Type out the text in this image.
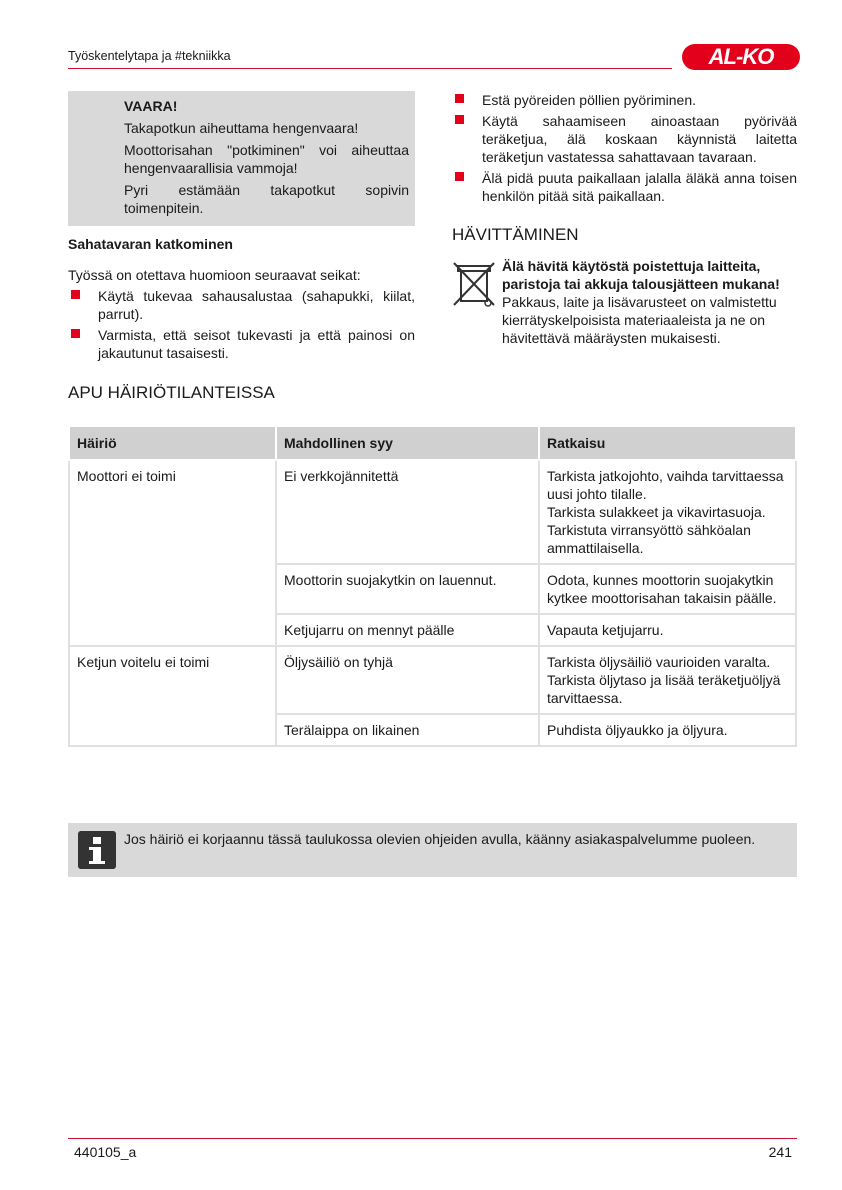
Työskentelytapa ja #tekniikka	AL-KO
VAARA!

Takapotkun aiheuttama hengenvaara!

Moottorisahan "potkiminen" voi aiheuttaa hengenvaarallisia vammoja!

Pyri estämään takapotkut sopivin toimenpitein.

Sahatavaran katkominen
Työssä on otettava huomioon seuraavat seikat:
Käytä tukevaa sahausalustaa (sahapukki, kiilat, parrut).
Varmista, että seisot tukevasti ja että painosi on jakautunut tasaisesti.
Estä pyöreiden pöllien pyöriminen.
Käytä sahaamiseen ainoastaan pyörivää teräketjua, älä koskaan käynnistä laitetta teräketjun vastatessa sahattavaan tavaraan.
Älä pidä puuta paikallaan jalalla äläkä anna toisen henkilön pitää sitä paikallaan.
HÄVITTÄMINEN
Älä hävitä käytöstä poistettuja laitteita, paristoja tai akkuja talousjätteen mukana!
Pakkaus, laite ja lisävarusteet on valmistettu kierrätyskelpoisista materiaaleista ja ne on hävitettävä määräysten mukaisesti.
APU HÄIRIÖTILANTEISSA
Häiriö	Mahdollinen syy	Ratkaisu
Moottori ei toimi	Ei verkkojännitettä	Tarkista jatkojohto, vaihda tarvittaessa uusi johto tilalle.
Tarkista sulakkeet ja vikavirtasuoja.
Tarkistuta virransyöttö sähköalan ammattilaisella.
	Moottorin suojakytkin on lauennut.	Odota, kunnes moottorin suojakytkin kytkee moottorisahan takaisin päälle.
	Ketjujarru on mennyt päälle	Vapauta ketjujarru.
Ketjun voitelu ei toimi	Öljysäiliö on tyhjä	Tarkista öljysäiliö vaurioiden varalta.
Tarkista öljytaso ja lisää teräketjuöljyä tarvittaessa.
	Terälaippa on likainen	Puhdista öljyaukko ja öljyura.
Jos häiriö ei korjaannu tässä taulukossa olevien ohjeiden avulla, käänny asiakaspalvelumme puoleen.
440105_a	241
